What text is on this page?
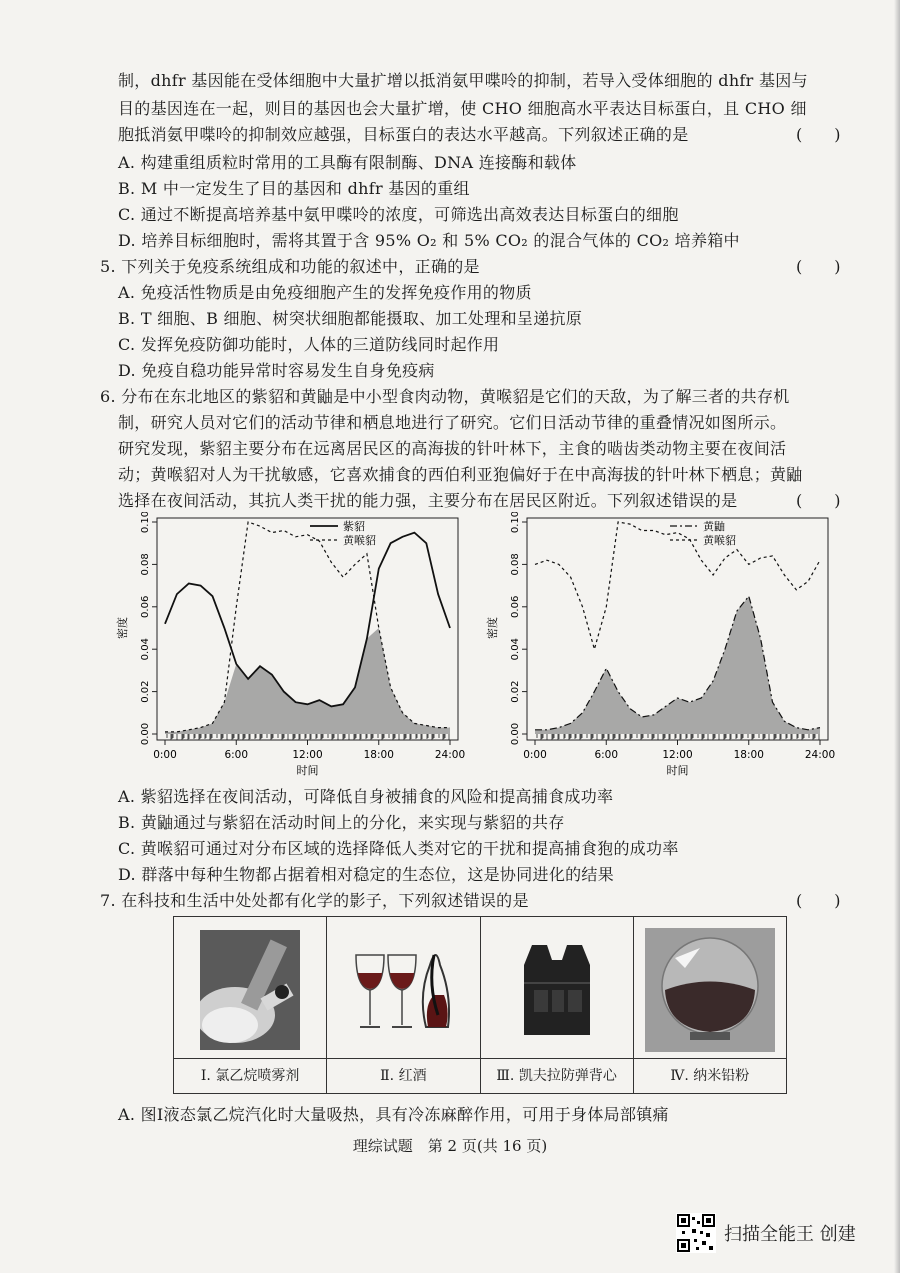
制，dhfr 基因能在受体细胞中大量扩增以抵消氨甲喋呤的抑制，若导入受体细胞的 dhfr 基因与
目的基因连在一起，则目的基因也会大量扩增，使 CHO 细胞高水平表达目标蛋白，且 CHO 细
胞抵消氨甲喋呤的抑制效应越强，目标蛋白的表达水平越高。下列叙述正确的是	(　　)
A. 构建重组质粒时常用的工具酶有限制酶、DNA 连接酶和载体
B. M 中一定发生了目的基因和 dhfr 基因的重组
C. 通过不断提高培养基中氨甲喋呤的浓度，可筛选出高效表达目标蛋白的细胞
D. 培养目标细胞时，需将其置于含 95% O₂ 和 5% CO₂ 的混合气体的 CO₂ 培养箱中
5. 下列关于免疫系统组成和功能的叙述中，正确的是	(　　)
A. 免疫活性物质是由免疫细胞产生的发挥免疫作用的物质
B. T 细胞、B 细胞、树突状细胞都能摄取、加工处理和呈递抗原
C. 发挥免疫防御功能时，人体的三道防线同时起作用
D. 免疫自稳功能异常时容易发生自身免疫病
6. 分布在东北地区的紫貂和黄鼬是中小型食肉动物，黄喉貂是它们的天敌，为了解三者的共存机
制，研究人员对它们的活动节律和栖息地进行了研究。它们日活动节律的重叠情况如图所示。
研究发现，紫貂主要分布在远离居民区的高海拔的针叶林下，主食的啮齿类动物主要在夜间活
动；黄喉貂对人为干扰敏感，它喜欢捕食的西伯利亚狍偏好于在中高海拔的针叶林下栖息；黄鼬
选择在夜间活动，其抗人类干扰的能力强，主要分布在居民区附近。下列叙述错误的是	(　　)
0.00
0.02
0.04
0.06
0.08
0.10
0:00	6:00	12:00	18:00	24:00
时间
密度
紫貂
黄喉貂
0.00
0.02
0.04
0.06
0.08
0.10
0:00	6:00	12:00	18:00	24:00
时间
密度
黄鼬
黄喉貂
A. 紫貂选择在夜间活动，可降低自身被捕食的风险和提高捕食成功率
B. 黄鼬通过与紫貂在活动时间上的分化，来实现与紫貂的共存
C. 黄喉貂可通过对分布区域的选择降低人类对它的干扰和提高捕食狍的成功率
D. 群落中每种生物都占据着相对稳定的生态位，这是协同进化的结果
7. 在科技和生活中处处都有化学的影子，下列叙述错误的是	(　　)
Ⅰ. 氯乙烷喷雾剂	Ⅱ. 红酒	Ⅲ. 凯夫拉防弹背心	Ⅳ. 纳米铅粉
A. 图Ⅰ液态氯乙烷汽化时大量吸热，具有冷冻麻醉作用，可用于身体局部镇痛
理综试题　第 2 页(共 16 页)
扫描全能王 创建
